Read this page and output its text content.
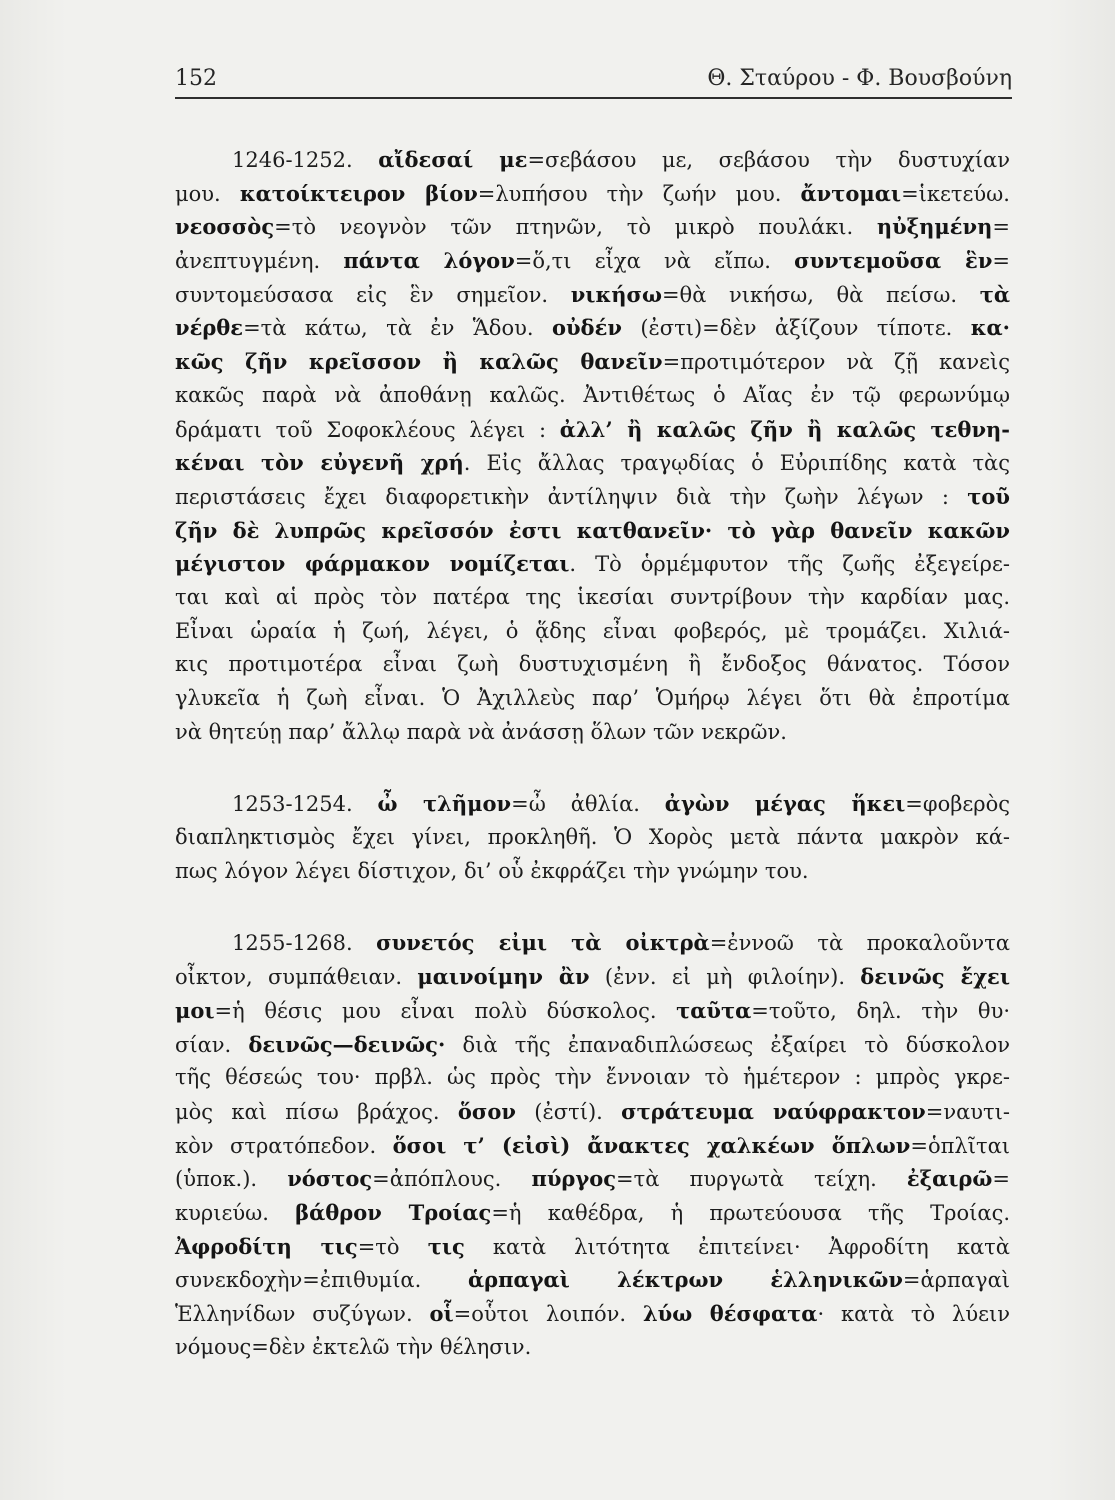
152	Θ. Σταύρου - Φ. Βουσβούνη
1246-1252. αἴδεσαί με=σεβάσου με, σεβάσου τὴν δυστυχίαν
μου. κατοίκτειρον βίον=λυπήσου τὴν ζωήν μου. ἄντομαι=ἱκετεύω.
νεοσσὸς=τὸ νεογνὸν τῶν πτηνῶν, τὸ μικρὸ πουλάκι. ηὐξημένη=
ἀνεπτυγμένη. πάντα λόγον=ὅ,τι εἶχα νὰ εἴπω. συντεμοῦσα ἓν=
συντομεύσασα εἰς ἓν σημεῖον. νικήσω=θὰ νικήσω, θὰ πείσω. τὰ
νέρθε=τὰ κάτω, τὰ ἐν Ἅδου. οὐδέν (ἐστι)=δὲν ἀξίζουν τίποτε. κα·
κῶς ζῆν κρεῖσσον ἢ καλῶς θανεῖν=προτιμότερον νὰ ζῇ κανεὶς
κακῶς παρὰ νὰ ἀποθάνῃ καλῶς. Ἀντιθέτως ὁ Αἴας ἐν τῷ φερωνύμῳ
δράματι τοῦ Σοφοκλέους λέγει : ἀλλ’ ἢ καλῶς ζῆν ἢ καλῶς τεθνη-
κέναι τὸν εὐγενῆ χρή. Εἰς ἄλλας τραγῳδίας ὁ Εὐριπίδης κατὰ τὰς
περιστάσεις ἔχει διαφορετικὴν ἀντίληψιν διὰ τὴν ζωὴν λέγων : τοῦ
ζῆν δὲ λυπρῶς κρεῖσσόν ἐστι κατθανεῖν· τὸ γὰρ θανεῖν κακῶν
μέγιστον φάρμακον νομίζεται. Τὸ ὁρμέμφυτον τῆς ζωῆς ἐξεγείρε-
ται καὶ αἱ πρὸς τὸν πατέρα της ἱκεσίαι συντρίβουν τὴν καρδίαν μας.
Εἶναι ὡραία ἡ ζωή, λέγει, ὁ ᾅδης εἶναι φοβερός, μὲ τρομάζει. Χιλιά-
κις προτιμοτέρα εἶναι ζωὴ δυστυχισμένη ἢ ἔνδοξος θάνατος. Τόσον
γλυκεῖα ἡ ζωὴ εἶναι. Ὁ Ἀχιλλεὺς παρ’ Ὁμήρῳ λέγει ὅτι θὰ ἐπροτίμα
νὰ θητεύῃ παρ’ ἄλλῳ παρὰ νὰ ἀνάσσῃ ὅλων τῶν νεκρῶν.
1253-1254. ὦ τλῆμον=ὦ ἀθλία. ἀγὼν μέγας ἥκει=φοβερὸς
διαπληκτισμὸς ἔχει γίνει, προκληθῆ. Ὁ Χορὸς μετὰ πάντα μακρὸν κά-
πως λόγον λέγει δίστιχον, δι’ οὗ ἐκφράζει τὴν γνώμην του.
1255-1268. συνετός εἰμι τὰ οἰκτρὰ=ἐννοῶ τὰ προκαλοῦντα
οἶκτον, συμπάθειαν. μαινοίμην ἂν (ἐνν. εἰ μὴ φιλοίην). δεινῶς ἔχει
μοι=ἡ θέσις μου εἶναι πολὺ δύσκολος. ταῦτα=τοῦτο, δηλ. τὴν θυ·
σίαν. δεινῶς—δεινῶς· διὰ τῆς ἐπαναδιπλώσεως ἐξαίρει τὸ δύσκολον
τῆς θέσεώς του· πρβλ. ὡς πρὸς τὴν ἔννοιαν τὸ ἡμέτερον : μπρὸς γκρε-
μὸς καὶ πίσω βράχος. ὅσον (ἐστί). στράτευμα ναύφρακτον=ναυτι-
κὸν στρατόπεδον. ὅσοι τ’ (εἰσὶ) ἄνακτες χαλκέων ὅπλων=ὁπλῖται
(ὑποκ.). νόστος=ἀπόπλους. πύργος=τὰ πυργωτὰ τείχη. ἐξαιρῶ=
κυριεύω. βάθρον Τροίας=ἡ καθέδρα, ἡ πρωτεύουσα τῆς Τροίας.
Ἀφροδίτη τις=τὸ τις κατὰ λιτότητα ἐπιτείνει· Ἀφροδίτη κατὰ
συνεκδοχὴν=ἐπιθυμία. ἁρπαγαὶ λέκτρων ἑλληνικῶν=ἁρπαγαὶ
Ἑλληνίδων συζύγων. οἷ=οὗτοι λοιπόν. λύω θέσφατα· κατὰ τὸ λύειν
νόμους=δὲν ἐκτελῶ τὴν θέλησιν.
